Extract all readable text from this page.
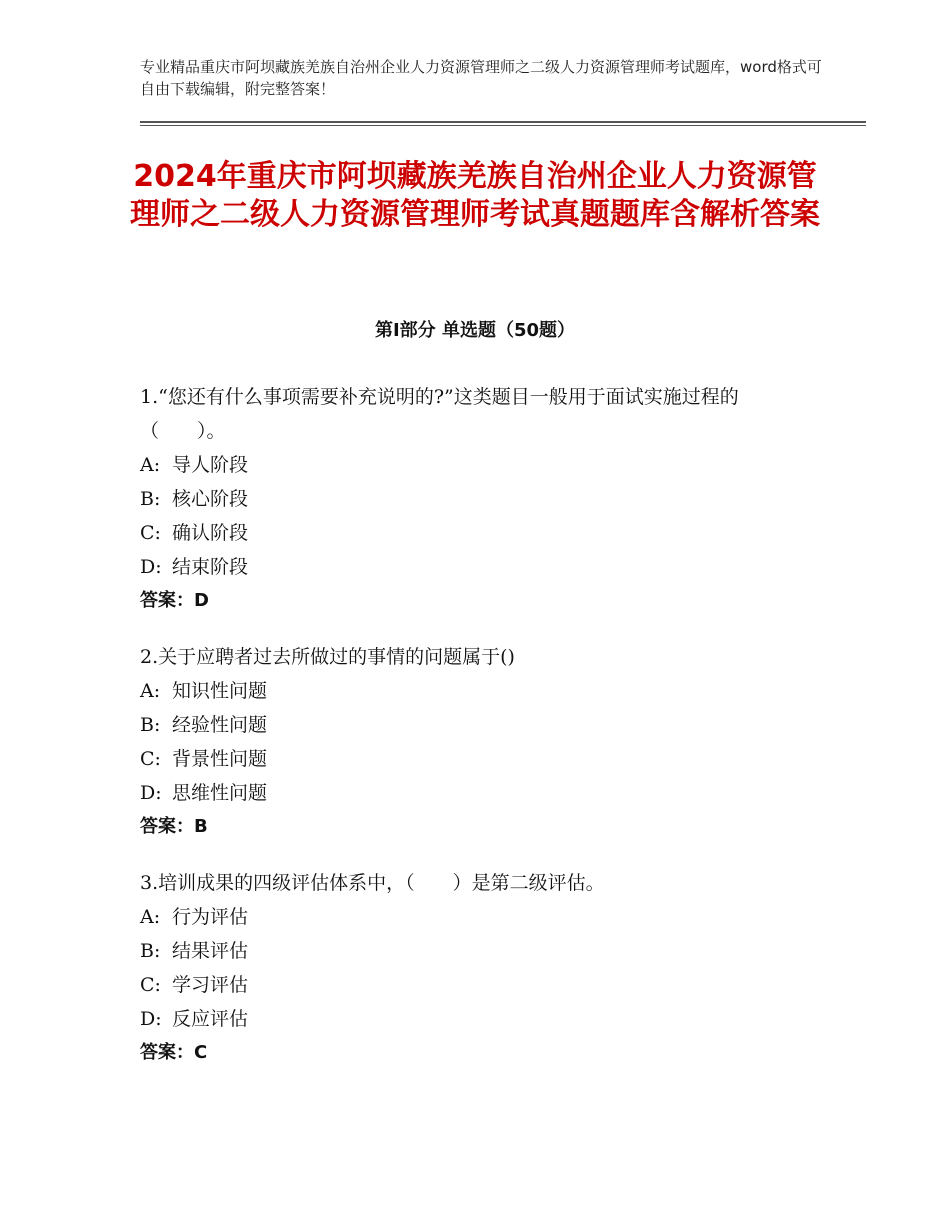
专业精品重庆市阿坝藏族羌族自治州企业人力资源管理师之二级人力资源管理师考试题库，word格式可自由下载编辑，附完整答案！
2024年重庆市阿坝藏族羌族自治州企业人力资源管理师之二级人力资源管理师考试真题题库含解析答案
第Ⅰ部分 单选题（50题）
1.“您还有什么事项需要补充说明的?”这类题目一般用于面试实施过程的（　　）。
A: 导人阶段
B: 核心阶段
C: 确认阶段
D: 结束阶段
答案：D
2.关于应聘者过去所做过的事情的问题属于()
A: 知识性问题
B: 经验性问题
C: 背景性问题
D: 思维性问题
答案：B
3.培训成果的四级评估体系中，（　　）是第二级评估。
A: 行为评估
B: 结果评估
C: 学习评估
D: 反应评估
答案：C
